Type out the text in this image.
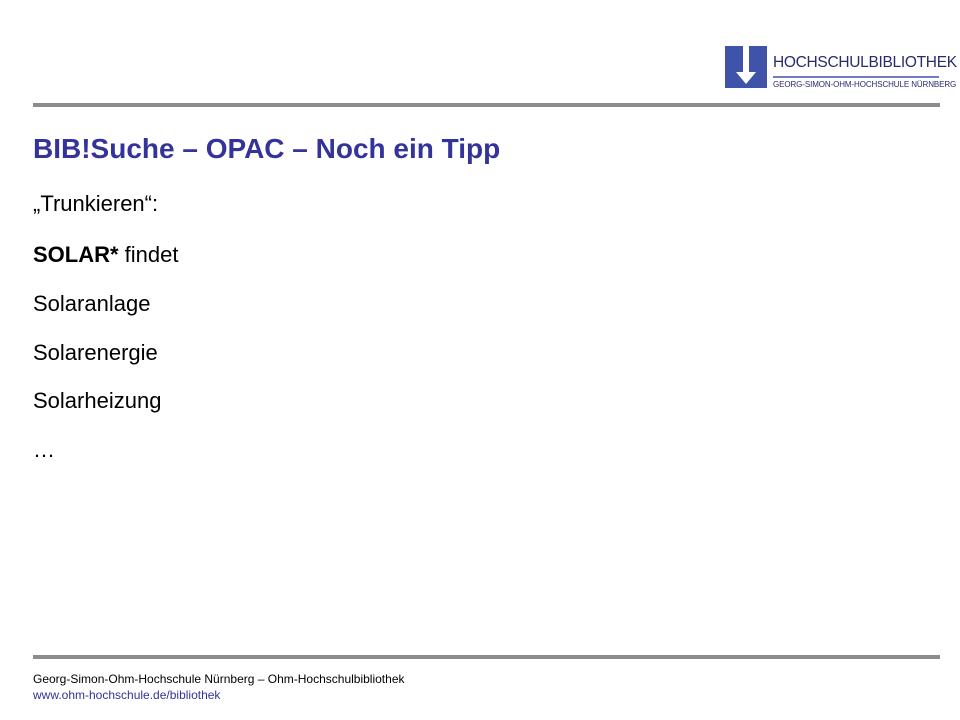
HOCHSCHULBIBLIOTHEK
GEORG-SIMON-OHM-HOCHSCHULE NÜRNBERG
BIB!Suche – OPAC – Noch ein Tipp
„Trunkieren“:
SOLAR* findet
Solaranlage
Solarenergie
Solarheizung
…
Georg-Simon-Ohm-Hochschule Nürnberg – Ohm-Hochschulbibliothek
www.ohm-hochschule.de/bibliothek
